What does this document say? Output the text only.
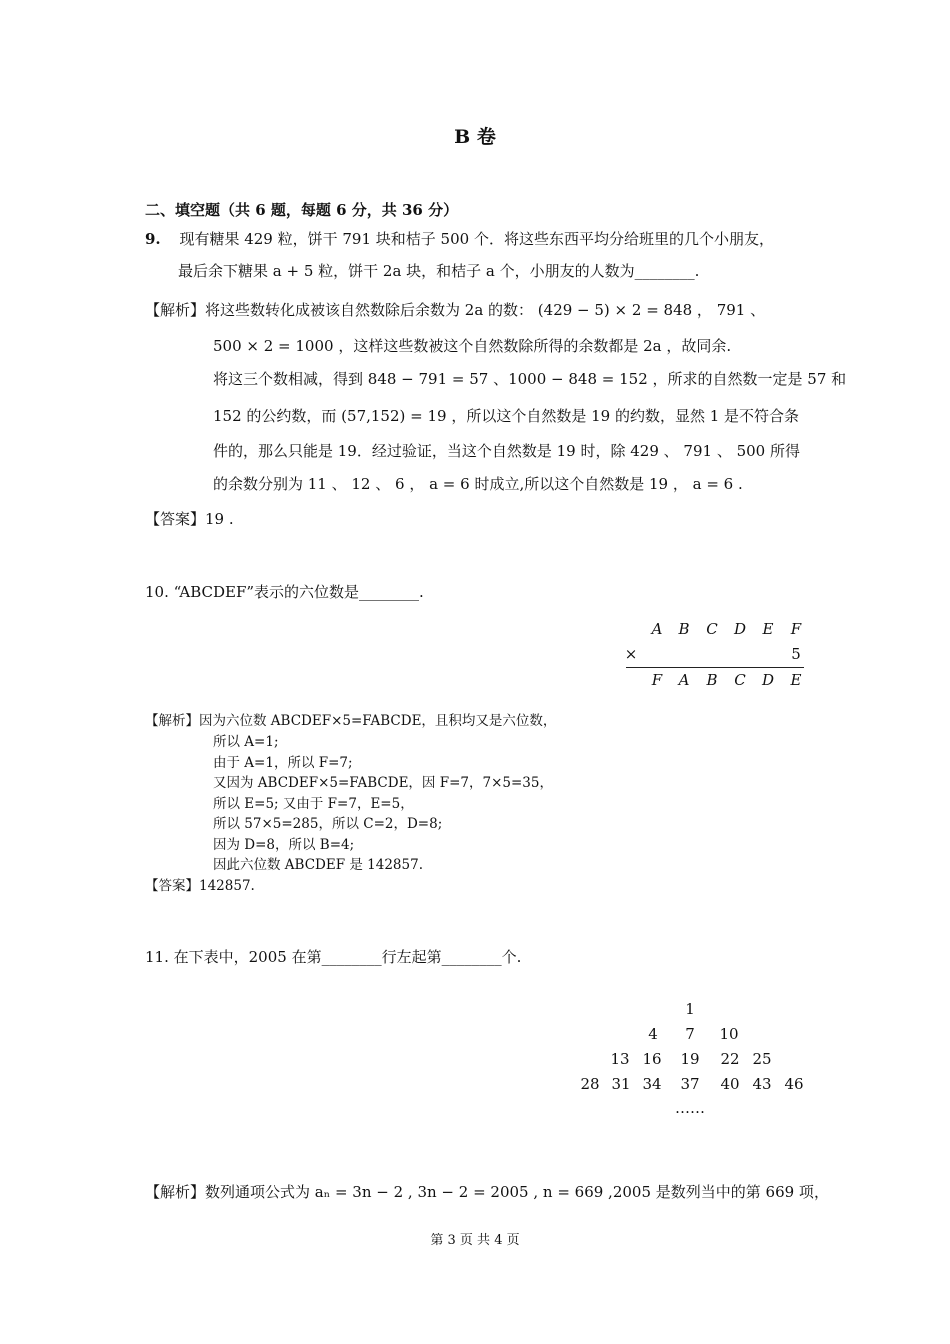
B 卷
二、填空题（共 6 题，每题 6 分，共 36 分）
9. 现有糖果 429 粒，饼干 791 块和桔子 500 个．将这些东西平均分给班里的几个小朋友，
最后余下糖果 a + 5 粒，饼干 2a 块，和桔子 a 个，小朋友的人数为________.
【解析】将这些数转化成被该自然数除后余数为 2a 的数： (429 − 5) × 2 = 848 ， 791 、
500 × 2 = 1000 ，这样这些数被这个自然数除所得的余数都是 2a ，故同余.
将这三个数相减，得到 848 − 791 = 57 、1000 − 848 = 152 ，所求的自然数一定是 57 和
152 的公约数，而 (57,152) = 19 ，所以这个自然数是 19 的约数，显然 1 是不符合条
件的，那么只能是 19．经过验证，当这个自然数是 19 时，除 429 、 791 、 500 所得
的余数分别为 11 、 12 、 6 ， a = 6 时成立,所以这个自然数是 19 ， a = 6 .
【答案】19 .
10. “ABCDEF”表示的六位数是________.
A	B	C	D	E	F
×	5
F	A	B	C	D	E
【解析】因为六位数 ABCDEF×5=FABCDE，且积均又是六位数，
所以 A=1;
由于 A=1，所以 F=7;
又因为 ABCDEF×5=FABCDE，因 F=7，7×5=35，
所以 E=5; 又由于 F=7，E=5，
所以 57×5=285，所以 C=2，D=8;
因为 D=8，所以 B=4;
因此六位数 ABCDEF 是 142857.
【答案】142857.
11. 在下表中，2005 在第________行左起第________个.
1
4	7	10
13 16	19	22 25
28 31 34	37	40 43 46
……
【解析】数列通项公式为 aₙ = 3n − 2 , 3n − 2 = 2005 , n = 669 ,2005 是数列当中的第 669 项，
第 3 页 共 4 页
